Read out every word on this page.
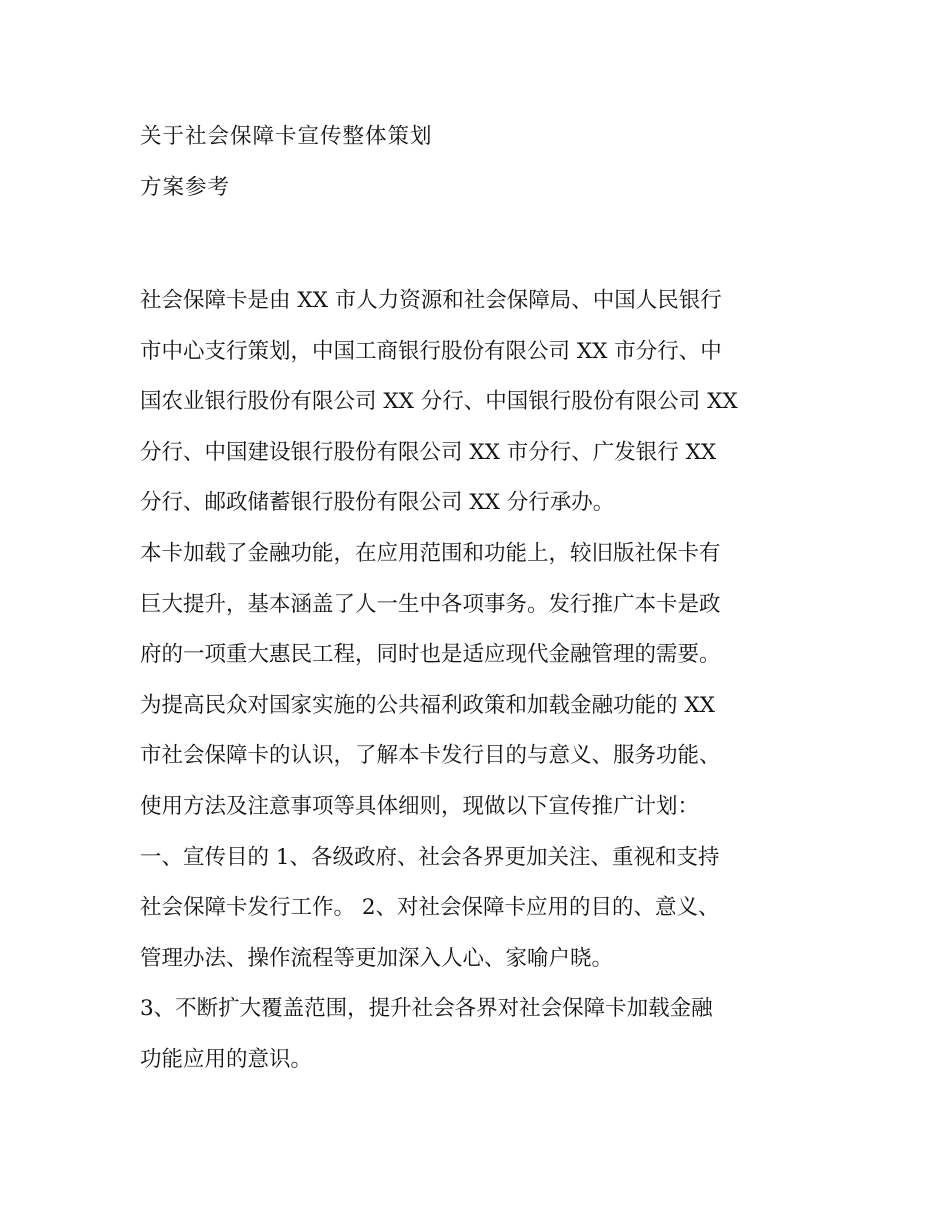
关于社会保障卡宣传整体策划
方案参考
社会保障卡是由 XX 市人力资源和社会保障局、中国人民银行
市中心支行策划，中国工商银行股份有限公司 XX 市分行、中
国农业银行股份有限公司 XX 分行、中国银行股份有限公司 XX
分行、中国建设银行股份有限公司 XX 市分行、广发银行 XX
分行、邮政储蓄银行股份有限公司 XX 分行承办。
本卡加载了金融功能，在应用范围和功能上，较旧版社保卡有
巨大提升，基本涵盖了人一生中各项事务。发行推广本卡是政
府的一项重大惠民工程，同时也是适应现代金融管理的需要。
为提高民众对国家实施的公共福利政策和加载金融功能的 XX
市社会保障卡的认识，了解本卡发行目的与意义、服务功能、
使用方法及注意事项等具体细则，现做以下宣传推广计划：
一、宣传目的 1、各级政府、社会各界更加关注、重视和支持
社会保障卡发行工作。 2、对社会保障卡应用的目的、意义、
管理办法、操作流程等更加深入人心、家喻户晓。
3、不断扩大覆盖范围，提升社会各界对社会保障卡加载金融
功能应用的意识。
